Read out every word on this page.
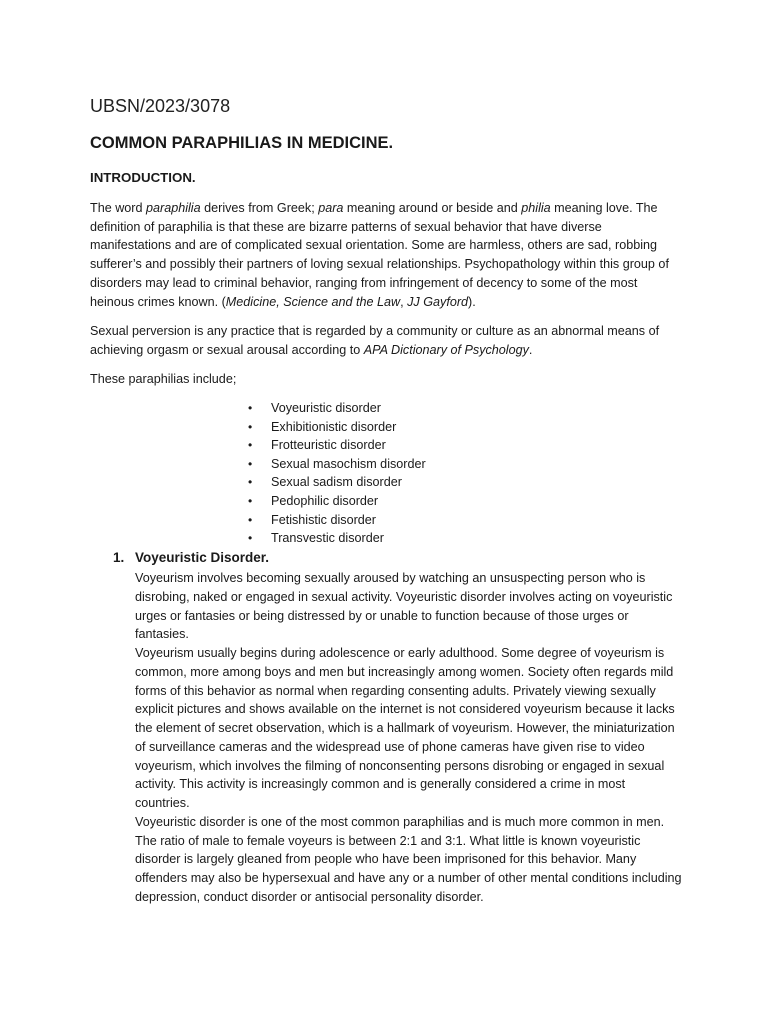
UBSN/2023/3078
COMMON PARAPHILIAS IN MEDICINE.
INTRODUCTION.

The word paraphilia derives from Greek; para meaning around or beside and philia meaning love. The definition of paraphilia is that these are bizarre patterns of sexual behavior that have diverse manifestations and are of complicated sexual orientation. Some are harmless, others are sad, robbing sufferer’s and possibly their partners of loving sexual relationships. Psychopathology within this group of disorders may lead to criminal behavior, ranging from infringement of decency to some of the most heinous crimes known. (Medicine, Science and the Law, JJ Gayford).

Sexual perversion is any practice that is regarded by a community or culture as an abnormal means of achieving orgasm or sexual arousal according to APA Dictionary of Psychology.

These paraphilias include;

• Voyeuristic disorder
• Exhibitionistic disorder
• Frotteuristic disorder
• Sexual masochism disorder
• Sexual sadism disorder
• Pedophilic disorder
• Fetishistic disorder
• Transvestic disorder
1. Voyeuristic Disorder.

Voyeurism involves becoming sexually aroused by watching an unsuspecting person who is disrobing, naked or engaged in sexual activity. Voyeuristic disorder involves acting on voyeuristic urges or fantasies or being distressed by or unable to function because of those urges or fantasies.

Voyeurism usually begins during adolescence or early adulthood. Some degree of voyeurism is common, more among boys and men but increasingly among women. Society often regards mild forms of this behavior as normal when regarding consenting adults. Privately viewing sexually explicit pictures and shows available on the internet is not considered voyeurism because it lacks the element of secret observation, which is a hallmark of voyeurism. However, the miniaturization of surveillance cameras and the widespread use of phone cameras have given rise to video voyeurism, which involves the filming of nonconsenting persons disrobing or engaged in sexual activity. This activity is increasingly common and is generally considered a crime in most countries.

Voyeuristic disorder is one of the most common paraphilias and is much more common in men. The ratio of male to female voyeurs is between 2:1 and 3:1. What little is known voyeuristic disorder is largely gleaned from people who have been imprisoned for this behavior. Many offenders may also be hypersexual and have any or a number of other mental conditions including depression, conduct disorder or antisocial personality disorder.
